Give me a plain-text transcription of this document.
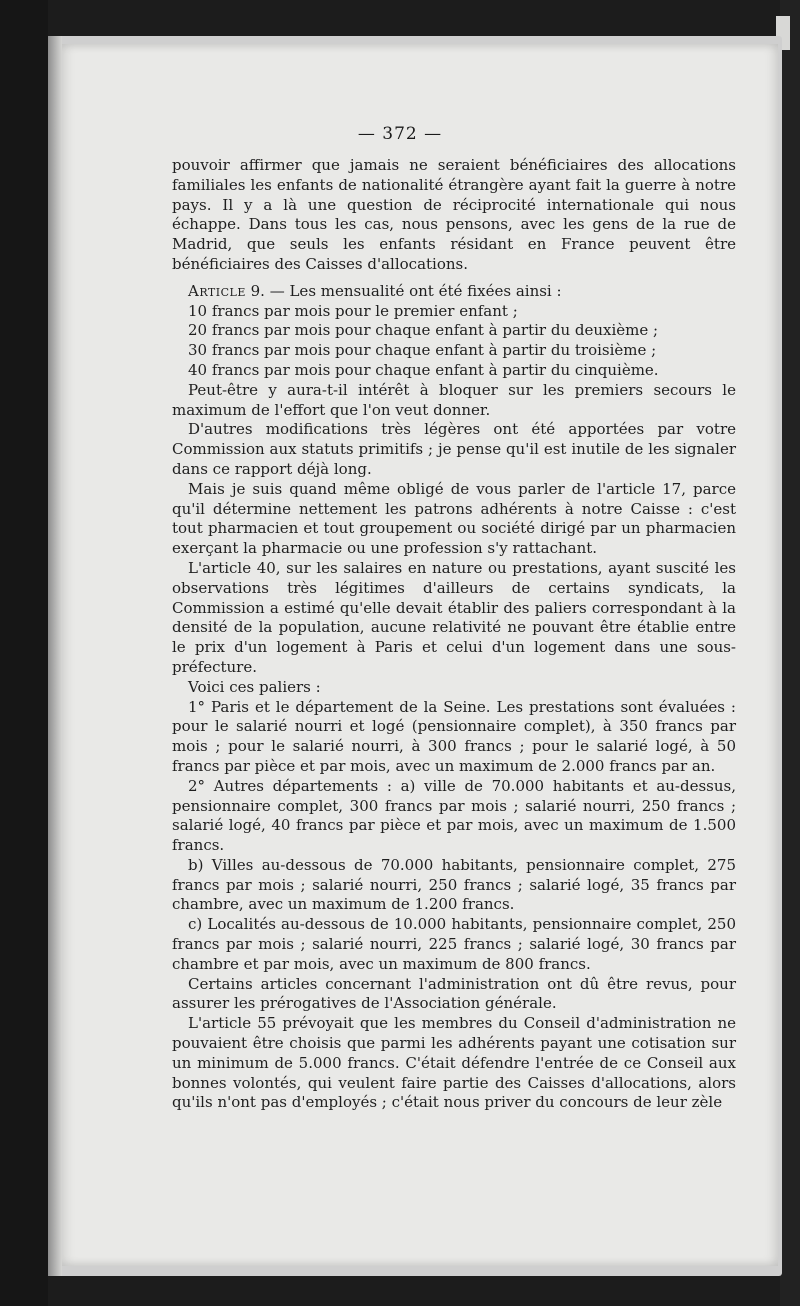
— 372 —

pouvoir affirmer que jamais ne seraient bénéficiaires des allocations familiales les enfants de nationalité étrangère ayant fait la guerre à notre pays. Il y a là une question de réciprocité internationale qui nous échappe. Dans tous les cas, nous pensons, avec les gens de la rue de Madrid, que seuls les enfants résidant en France peuvent être bénéficiaires des Caisses d'allocations.

Article 9. — Les mensualité ont été fixées ainsi :

10 francs par mois pour le premier enfant ;

20 francs par mois pour chaque enfant à partir du deuxième ;

30 francs par mois pour chaque enfant à partir du troisième ;

40 francs par mois pour chaque enfant à partir du cinquième.

Peut-être y aura-t-il intérêt à bloquer sur les premiers secours le maximum de l'effort que l'on veut donner.

D'autres modifications très légères ont été apportées par votre Commission aux statuts primitifs ; je pense qu'il est inutile de les signaler dans ce rapport déjà long.

Mais je suis quand même obligé de vous parler de l'article 17, parce qu'il détermine nettement les patrons adhérents à notre Caisse : c'est tout pharmacien et tout groupement ou société dirigé par un pharmacien exerçant la pharmacie ou une profession s'y rattachant.

L'article 40, sur les salaires en nature ou prestations, ayant suscité les observations très légitimes d'ailleurs de certains syndicats, la Commission a estimé qu'elle devait établir des paliers correspondant à la densité de la population, aucune relativité ne pouvant être établie entre le prix d'un logement à Paris et celui d'un logement dans une sous-préfecture.

Voici ces paliers :

1° Paris et le département de la Seine. Les prestations sont évaluées : pour le salarié nourri et logé (pensionnaire complet), à 350 francs par mois ; pour le salarié nourri, à 300 francs ; pour le salarié logé, à 50 francs par pièce et par mois, avec un maximum de 2.000 francs par an.

2° Autres départements : a) ville de 70.000 habitants et au-dessus, pensionnaire complet, 300 francs par mois ; salarié nourri, 250 francs ; salarié logé, 40 francs par pièce et par mois, avec un maximum de 1.500 francs.

b) Villes au-dessous de 70.000 habitants, pensionnaire complet, 275 francs par mois ; salarié nourri, 250 francs ; salarié logé, 35 francs par chambre, avec un maximum de 1.200 francs.

c) Localités au-dessous de 10.000 habitants, pensionnaire complet, 250 francs par mois ; salarié nourri, 225 francs ; salarié logé, 30 francs par chambre et par mois, avec un maximum de 800 francs.

Certains articles concernant l'administration ont dû être revus, pour assurer les prérogatives de l'Association générale.

L'article 55 prévoyait que les membres du Conseil d'administration ne pouvaient être choisis que parmi les adhérents payant une cotisation sur un minimum de 5.000 francs. C'était défendre l'entrée de ce Conseil aux bonnes volontés, qui veulent faire partie des Caisses d'allocations, alors qu'ils n'ont pas d'employés ; c'était nous priver du concours de leur zèle
